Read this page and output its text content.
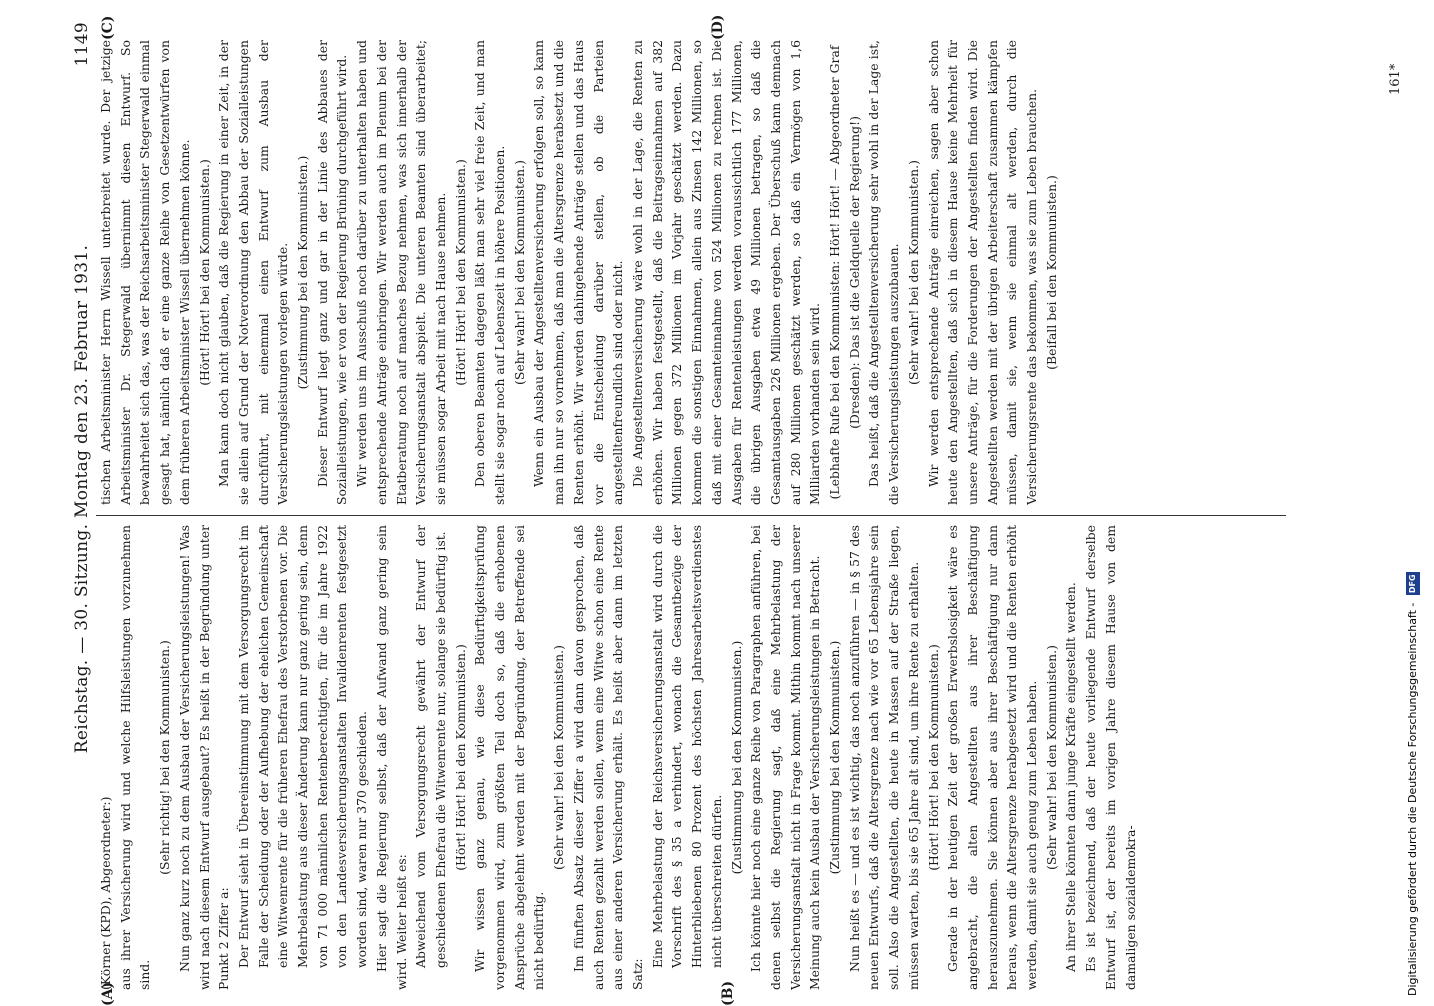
Reichstag. — 30. Sitzung. Montag den 23. Februar 1931.
1149
(A)	(B)
(C)	(D)

(Körner (KPD), Abgeordneter:) aus ihrer Versicherung wird und welche Hilfsleistungen vorzunehmen sind.

(Sehr richtig! bei den Kommunisten.) Nun ganz kurz noch zu dem Ausbau der Versicherungsleistungen! Was wird nach diesem Entwurf ausgebaut? Es heißt in der Begründung unter Punkt 2 Ziffer a: Der Entwurf sieht in Übereinstimmung mit dem Versorgungsrecht im Falle der Scheidung oder der Aufhebung der ehelichen Gemeinschaft eine Witwenrente für die früheren Ehefrau des Verstorbenen vor. Die Mehrbelastung aus dieser Änderung kann nur ganz gering sein, denn von 71 000 männlichen Rentenberechtigten, für die im Jahre 1922 von den Landesversicherungsanstalten Invalidenrenten festgesetzt worden sind, waren nur 370 geschieden. Hier sagt die Regierung selbst, daß der Aufwand ganz gering sein wird. Weiter heißt es: Abweichend vom Versorgungsrecht gewährt der Entwurf der geschiedenen Ehefrau die Witwenrente nur, solange sie bedürftig ist. (Hört! Hört! bei den Kommunisten.) Wir wissen ganz genau, wie diese Bedürftigkeitsprüfung vorgenommen wird, zum größten Teil doch so, daß die erhobenen Ansprüche abgelehnt werden mit der Begründung, der Betreffende sei nicht bedürftig.

(Sehr wahr! bei den Kommunisten.) Im fünften Absatz dieser Ziffer a wird dann davon gesprochen, daß auch Renten gezahlt werden sollen, wenn eine Witwe schon eine Rente aus einer anderen Versicherung erhält. Es heißt aber dann im letzten Satz:

Eine Mehrbelastung der Reichsversicherungsanstalt wird durch die Vorschrift des § 35 a verhindert, wonach die Gesamtbezüge der Hinterbliebenen 80 Prozent des höchsten Jahresarbeitsverdienstes nicht überschreiten dürfen.

(Zustimmung bei den Kommunisten.) Ich könnte hier noch eine ganze Reihe von Paragraphen anführen, bei denen selbst die Regierung sagt, daß eine Mehrbelastung der Versicherungsanstalt nicht in Frage kommt. Mithin kommt nach unserer Meinung auch kein Ausbau der Versicherungsleistungen in Betracht. (Zustimmung bei den Kommunisten.) Nun heißt es — und es ist wichtig, das noch anzuführen — in § 57 des neuen Entwurfs, daß die Altersgrenze nach wie vor 65 Lebensjahre sein soll. Also die Angestellten, die heute in Massen auf der Straße liegen, müssen warten, bis sie 65 Jahre alt sind, um ihre Rente zu erhalten. (Hört! Hört! bei den Kommunisten.) Gerade in der heutigen Zeit der großen Erwerbslosigkeit wäre es angebracht, die alten Angestellten aus ihrer Beschäftigung herauszunehmen. Sie können aber aus ihrer Beschäftigung nur dann heraus, wenn die Altersgrenze herabgesetzt wird und die Renten erhöht werden, damit sie auch genug zum Leben haben. (Sehr wahr! bei den Kommunisten.) An ihrer Stelle könnten dann junge Kräfte eingestellt werden. Es ist bezeichnend, daß der heute vorliegende Entwurf derselbe Entwurf ist, der bereits im vorigen Jahre diesem Hause von dem damaligen sozialdemokra-

tischen Arbeitsminister Herrn Wissell unterbreitet wurde. Der jetzige Arbeitsminister Dr. Stegerwald übernimmt diesen Entwurf. So bewahrheitet sich das, was der Reichsarbeitsminister Stegerwald einmal gesagt hat, nämlich daß er eine ganze Reihe von Gesetzentwürfen von dem früheren Arbeitsminister Wissell übernehmen könne. (Hört! Hört! bei den Kommunisten.) Man kann doch nicht glauben, daß die Regierung in einer Zeit, in der sie allein auf Grund der Notverordnung den Abbau der Sozialleistungen durchführt, mit einemmal einen Entwurf zum Ausbau der Versicherungsleistungen vorlegen würde. (Zustimmung bei den Kommunisten.) Dieser Entwurf liegt ganz und gar in der Linie des Abbaues der Sozialleistungen, wie er von der Regierung Brüning durchgeführt wird. Wir werden uns im Ausschuß noch darüber zu unterhalten haben und entsprechende Anträge einbringen. Wir werden auch im Plenum bei der Etatberatung noch auf manches Bezug nehmen, was sich innerhalb der Versicherungsanstalt abspielt. Die unteren Beamten sind überarbeitet; sie müssen sogar Arbeit mit nach Hause nehmen. (Hört! Hört! bei den Kommunisten.) Den oberen Beamten dagegen läßt man sehr viel freie Zeit, und man stellt sie sogar noch auf Lebenszeit in höhere Positionen. (Sehr wahr! bei den Kommunisten.) Wenn ein Ausbau der Angestelltenversicherung erfolgen soll, so kann man ihn nur so vornehmen, daß man die Altersgrenze herabsetzt und die Renten erhöht. Wir werden dahingehende Anträge stellen und das Haus vor die Entscheidung darüber stellen, ob die Parteien angestelltenfreundlich sind oder nicht. Die Angestelltenversicherung wäre wohl in der Lage, die Renten zu erhöhen. Wir haben festgestellt, daß die Beitragseinnahmen auf 382 Millionen gegen 372 Millionen im Vorjahr geschätzt werden. Dazu kommen die sonstigen Einnahmen, allein aus Zinsen 142 Millionen, so daß mit einer Gesamteinnahme von 524 Millionen zu rechnen ist. Die Ausgaben für Rentenleistungen werden voraussichtlich 177 Millionen, die übrigen Ausgaben etwa 49 Millionen betragen, so daß die Gesamtausgaben 226 Millionen ergeben. Der Überschuß kann demnach auf 280 Millionen geschätzt werden, so daß ein Vermögen von 1,6 Milliarden vorhanden sein wird. (Lebhafte Rufe bei den Kommunisten: Hört! Hört! — Abgeordneter Graf (Dresden): Das ist die Geldquelle der Regierung!) Das heißt, daß die Angestelltenversicherung sehr wohl in der Lage ist, die Versicherungsleistungen auszubauen. (Sehr wahr! bei den Kommunisten.) Wir werden entsprechende Anträge einreichen, sagen aber schon heute den Angestellten, daß sich in diesem Hause keine Mehrheit für unsere Anträge, für die Forderungen der Angestellten finden wird. Die Angestellten werden mit der übrigen Arbeiterschaft zusammen kämpfen müssen, damit sie, wenn sie einmal alt werden, durch die Versicherungsrente das bekommen, was sie zum Leben brauchen. (Beifall bei den Kommunisten.)

161*
Digitalisierung gefördert durch die Deutsche Forschungsgemeinschaft - DFG
